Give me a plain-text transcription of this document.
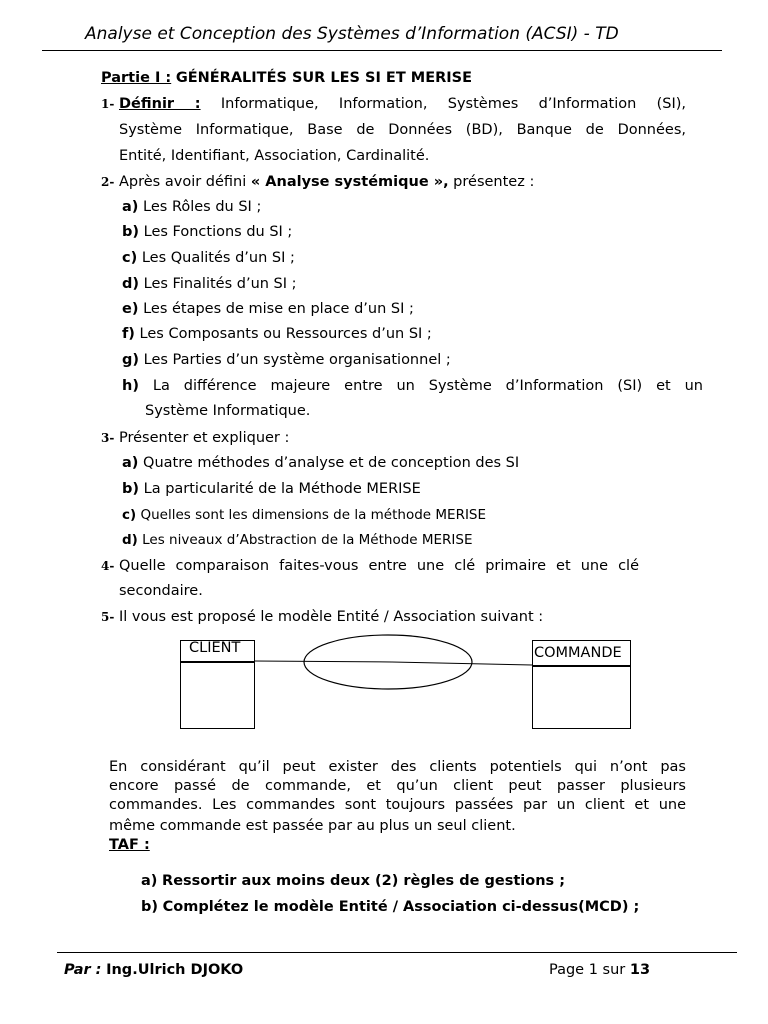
Analyse et Conception des Systèmes d’Information (ACSI) - TD
Partie I : GÉNÉRALITÉS SUR LES SI ET MERISE
1- Définir : Informatique, Information, Systèmes d’Information (SI),
Système Informatique, Base de Données (BD), Banque de Données,
Entité, Identifiant, Association, Cardinalité.
2- Après avoir défini « Analyse systémique », présentez :
a) Les Rôles du SI ;
b) Les Fonctions du SI ;
c) Les Qualités d’un SI ;
d) Les Finalités d’un SI ;
e) Les étapes de mise en place d’un SI ;
f) Les Composants ou Ressources d’un SI ;
g) Les Parties d’un système organisationnel ;
h) La différence majeure entre un Système d’Information (SI) et un
Système Informatique.
3- Présenter et expliquer :
a) Quatre méthodes d’analyse et de conception des SI
b) La particularité de la Méthode MERISE
c) Quelles sont les dimensions de la méthode MERISE
d) Les niveaux d’Abstraction de la Méthode MERISE
4- Quelle comparaison faites-vous entre une clé primaire et une clé
secondaire.
5- Il vous est proposé le modèle Entité / Association suivant :
CLIENT	COMMANDE
En considérant qu’il peut exister des clients potentiels qui n’ont pas
encore passé de commande, et qu’un client peut passer plusieurs
commandes. Les commandes sont toujours passées par un client et une
même commande est passée par au plus un seul client.
TAF :
a) Ressortir aux moins deux (2) règles de gestions ;
b) Complétez le modèle Entité / Association ci-dessus(MCD) ;
Par : Ing.Ulrich DJOKO	Page 1 sur 13
